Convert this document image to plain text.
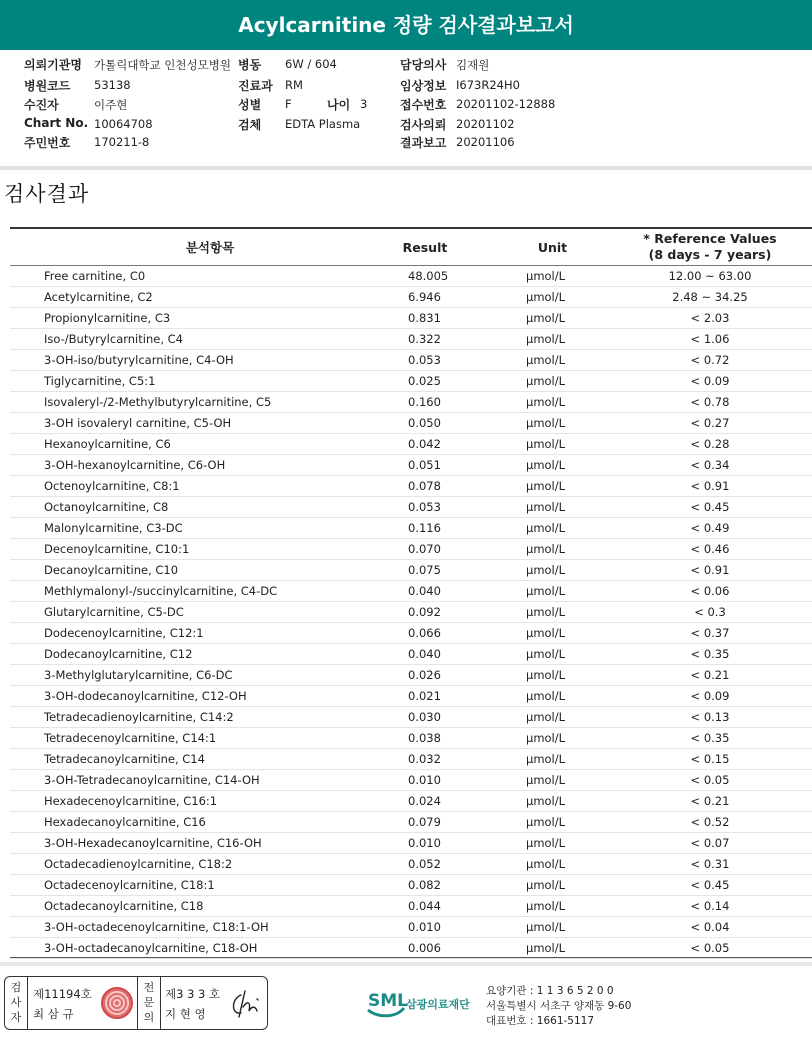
Acylcarnitine 정량 검사결과보고서
의뢰기관명 가톨릭대학교 인천성모병원
병원코드 53138
수진자	이주현
Chart No. 10064708
주민번호 170211-8
병동 6W / 604
진료과 RM
성별 F	나이 3
검체 EDTA Plasma
담당의사 김재원
임상정보 I673R24H0
접수번호 20201102-12888
검사의뢰 20201102
결과보고 20201106
검사결과
분석항목	Result	Unit
* Reference Values
(8 days - 7 years)
Free carnitine, C0	48.005	μmol/L	12.00 ~ 63.00
Acetylcarnitine, C2	6.946	μmol/L	2.48 ~ 34.25
Propionylcarnitine, C3	0.831	μmol/L	< 2.03
Iso-/Butyrylcarnitine, C4	0.322	μmol/L	< 1.06
3-OH-iso/butyrylcarnitine, C4-OH	0.053	μmol/L	< 0.72
Tiglycarnitine, C5:1	0.025	μmol/L	< 0.09
Isovaleryl-/2-Methylbutyrylcarnitine, C5	0.160	μmol/L	< 0.78
3-OH isovaleryl carnitine, C5-OH	0.050	μmol/L	< 0.27
Hexanoylcarnitine, C6	0.042	μmol/L	< 0.28
3-OH-hexanoylcarnitine, C6-OH	0.051	μmol/L	< 0.34
Octenoylcarnitine, C8:1	0.078	μmol/L	< 0.91
Octanoylcarnitine, C8	0.053	μmol/L	< 0.45
Malonylcarnitine, C3-DC	0.116	μmol/L	< 0.49
Decenoylcarnitine, C10:1	0.070	μmol/L	< 0.46
Decanoylcarnitine, C10	0.075	μmol/L	< 0.91
Methlymalonyl-/succinylcarnitine, C4-DC	0.040	μmol/L	< 0.06
Glutarylcarnitine, C5-DC	0.092	μmol/L	< 0.3
Dodecenoylcarnitine, C12:1	0.066	μmol/L	< 0.37
Dodecanoylcarnitine, C12	0.040	μmol/L	< 0.35
3-Methylglutarylcarnitine, C6-DC	0.026	μmol/L	< 0.21
3-OH-dodecanoylcarnitine, C12-OH	0.021	μmol/L	< 0.09
Tetradecadienoylcarnitine, C14:2	0.030	μmol/L	< 0.13
Tetradecenoylcarnitine, C14:1	0.038	μmol/L	< 0.35
Tetradecanoylcarnitine, C14	0.032	μmol/L	< 0.15
3-OH-Tetradecanoylcarnitine, C14-OH	0.010	μmol/L	< 0.05
Hexadecenoylcarnitine, C16:1	0.024	μmol/L	< 0.21
Hexadecanoylcarnitine, C16	0.079	μmol/L	< 0.52
3-OH-Hexadecanoylcarnitine, C16-OH	0.010	μmol/L	< 0.07
Octadecadienoylcarnitine, C18:2	0.052	μmol/L	< 0.31
Octadecenoylcarnitine, C18:1	0.082	μmol/L	< 0.45
Octadecanoylcarnitine, C18	0.044	μmol/L	< 0.14
3-OH-octadecenoylcarnitine, C18:1-OH	0.010	μmol/L	< 0.04
3-OH-octadecanoylcarnitine, C18-OH	0.006	μmol/L	< 0.05
검
사
자
제11194호
최 삼 규
전
문
의
제3 3 3 호
지 현 영
SML
삼광의료재단
요양기관 : 1 1 3 6 5 2 0 0
서울특별시 서초구 양재동 9-60
대표번호 : 1661-5117
